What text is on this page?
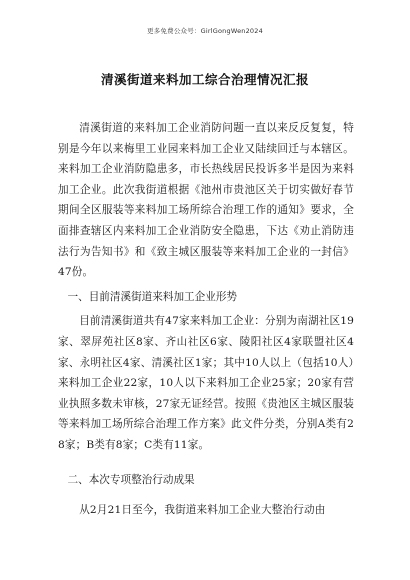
更多免费公众号：GirlGongWen2024
清溪街道来料加工综合治理情况汇报

清溪街道的来料加工企业消防问题一直以来反反复复，特别是今年以来梅里工业园来料加工企业又陆续回迁与本辖区。来料加工企业消防隐患多，市长热线居民投诉多半是因为来料加工企业。此次我街道根据《池州市贵池区关于切实做好春节期间全区服装等来料加工场所综合治理工作的通知》要求，全面排查辖区内来料加工企业消防安全隐患，下达《劝止消防违法行为告知书》和《致主城区服装等来料加工企业的一封信》47份。

一、目前清溪街道来料加工企业形势

目前清溪街道共有47家来料加工企业：分别为南湖社区19家、翠屏苑社区8家、齐山社区6家、陵阳社区4家联盟社区4家、永明社区4家、清溪社区1家；其中10人以上（包括10人）来料加工企业22家，10人以下来料加工企业25家；20家有营业执照多数未审核，27家无证经营。按照《贵池区主城区服装等来料加工场所综合治理工作方案》此文件分类，分别A类有28家；B类有8家；C类有11家。

二、本次专项整治行动成果

从2月21日至今，我街道来料加工企业大整治行动由
